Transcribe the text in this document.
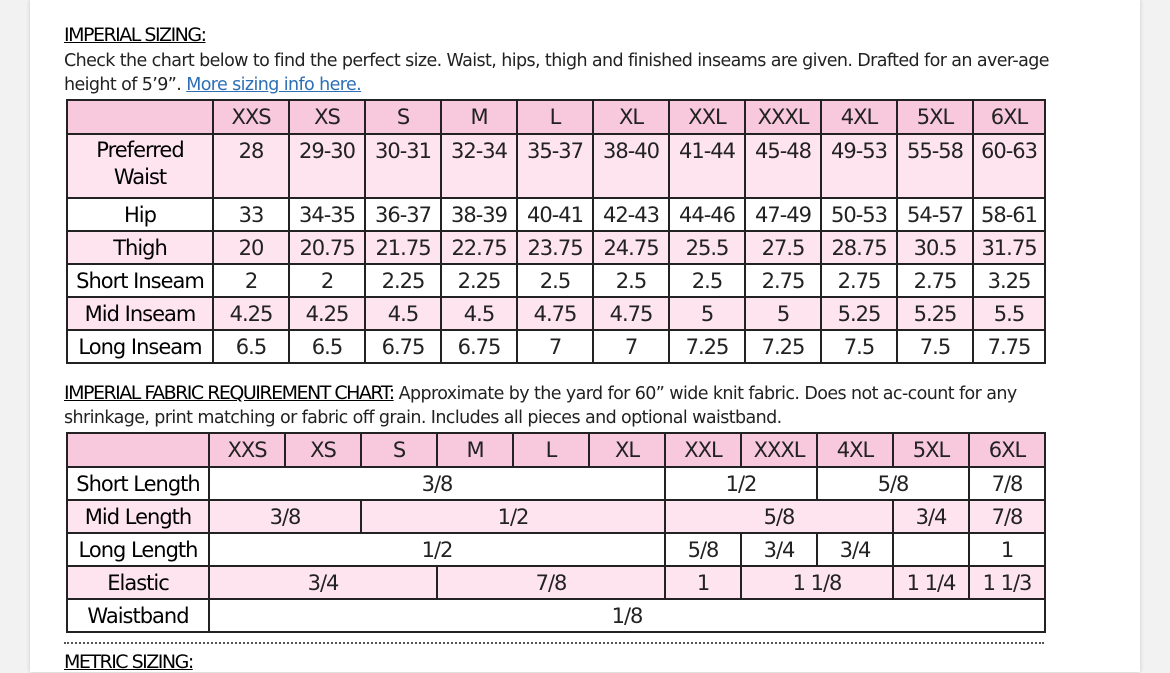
IMPERIAL SIZING:
Check the chart below to find the perfect size. Waist, hips, thigh and finished inseams are given. Drafted for an aver-age height of 5’9”. More sizing info here.
	XXS	XS	S	M	L	XL	XXL	XXXL	4XL	5XL	6XL

Preferred
Waist	28	29-30	30-31	32-34	35-37	38-40	41-44	45-48	49-53	55-58	60-63
Hip	33	34-35	36-37	38-39	40-41	42-43	44-46	47-49	50-53	54-57	58-61
Thigh	20	20.75	21.75	22.75	23.75	24.75	25.5	27.5	28.75	30.5	31.75
Short Inseam	2	2	2.25	2.25	2.5	2.5	2.5	2.75	2.75	2.75	3.25
Mid Inseam	4.25	4.25	4.5	4.5	4.75	4.75	5	5	5.25	5.25	5.5
Long Inseam	6.5	6.5	6.75	6.75	7	7	7.25	7.25	7.5	7.5	7.75
IMPERIAL FABRIC REQUIREMENT CHART: Approximate by the yard for 60” wide knit fabric. Does not ac-count for any shrinkage, print matching or fabric off grain. Includes all pieces and optional waistband.
	XXS	XS	S	M	L	XL	XXL	XXXL	4XL	5XL	6XL
Short Length	3/8						1/2		5/8		7/8
Mid Length	3/8		1/2				5/8			3/4	7/8
Long Length	1/2						5/8	3/4	3/4		1
Elastic	3/4			7/8			1	1 1/8		1 1/4	1 1/3
Waistband	1/8										
METRIC SIZING:
